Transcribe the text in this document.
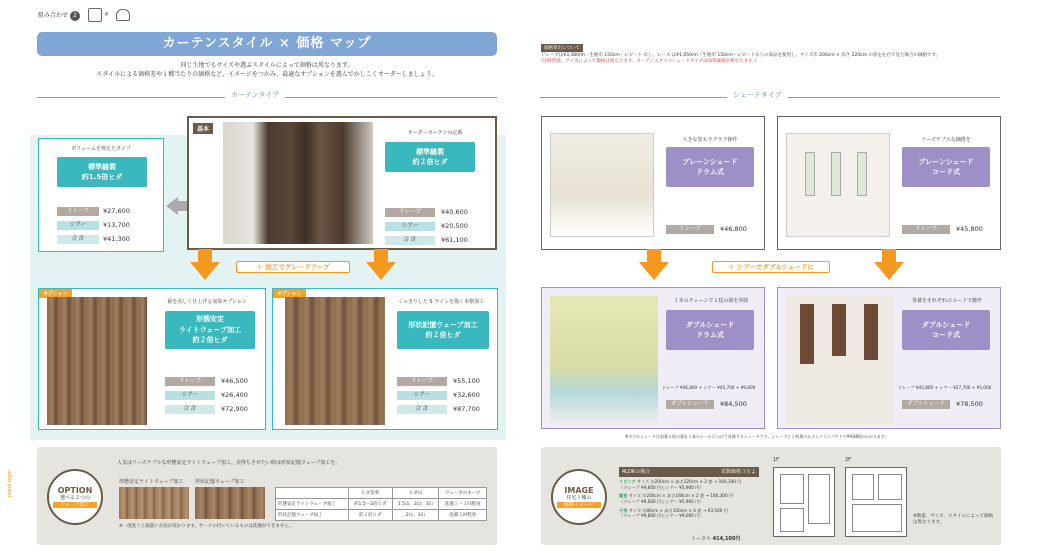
組み合わせ 2	×
カーテンスタイル × 価格 マップ
同じ生地でもサイズや選ぶスタイルによって価格は異なります。
スタイルによる価格差や１種当たりの価格など、イメージをつかみ、最適なオプションを選んでかしこくオーダーしましょう。
カーテンタイプ	シェードタイプ
ボリュームを抑えたタイプ
標準縫製
約1.5倍ヒダ
ドレープ	¥27,600
シアー	¥13,700
合 計	¥41,300
基本	オーダーカーテンの定番
標準縫製
約２倍ヒダ
ドレープ	¥40,600
シアー	¥20,500
合 計	¥61,100
＋ 加工でグレードアップ
オプション
裾を美しく仕上げる加算オプション
形態安定
ライトウェーブ加工
約２倍ヒダ
ドレープ	¥46,500
シアー	¥26,400
合 計	¥72,900
オプション
くっきりした S ラインを描く本格加工
形状記憶ウェーブ加工
約２倍ヒダ
ドレープ	¥55,100
シアー	¥32,600
合 計	¥87,700
OPTION
選べる２つの
ウェーブ加工
人気はリーズナブルな形態安定ライトウェーブ加工。美得ちさせたい時は形状記憶ウェーブ加工を。
形態安定ライトウェーブ加工 形状記憶ウェーブ加工
※一度洗うと取扱い方法が変わります。サーナの付いているものは洗濯ができません。
	ヒダ倍率	ヒダ山	ウェーブのキープ
形態安定ライトウェーブ加工	約1.5～2倍ヒダ	1.5山、2山、3山	洗濯１～３回程度
形状記憶ウェーブ加工	約２倍ヒダ	2山、3山	洗濯５回程度
aolla guest
価格算出について
ドレープは¥3,380/m・生地巾 150cm・レピート なし、レース は¥1,650/m・生地巾 150cm・レピートなしの商品を使用し、サイズ巾 200cm × 高さ 220cm の窓を左右で見た場合の価格です。
(送料別途、サイズによって価格は異なります。カーテンスタイルシェードタイプは加算価格が異なります。)
大きな窓もラクラク操作
プレーンシェード
ドラム式
ドレープ	¥46,800
リーズナブルな価格を
プレーンシェード
コード式
ドレープ	¥45,800
＋ シアーでダブルシェードに
１本のチェーンで２枚の幕を昇降
ダブルシェード
ドラム式
ドレープ ¥46,800 + シアー ¥45,700 + ¥9,800
ダブルシェード	¥84,500
各幕をそれぞれのコードで操作
ダブルシェード
コード式
ドレープ ¥45,800 + シアー ¥27,700 + ¥5,000
ダブルシェード	¥78,500
※ダブルシェードは前幕２枚の幕を１本のレールにつけて昇降するシェードです。シェードと２枚幕ペルメントコンパクトで¥9,800がかかります。
IMAGE
住宅１棟の
総額イメージ
4LDKの場合	窓数価格３万よ
リビング サイズ 巾200cm × 高さ220cm × 2 窓 → 160,300 円
（ドレープ ¥9,600 円とシアー ¥5,900 円）
寝室 サイズ 巾200cm × 高さ180cm × 2 窓 → 160,300 円
（ドレープ ¥9,600 円とシアー ¥5,900 円）
子供 サイズ 巾90cm × 高さ100cm × 4 窓 → 93,500 円
（ドレープ ¥9,800 円とシアー ¥9,000 円）
トータル 414,100円
1F	2F
※数量、サイズ、スタイルによって価格は異なります。
